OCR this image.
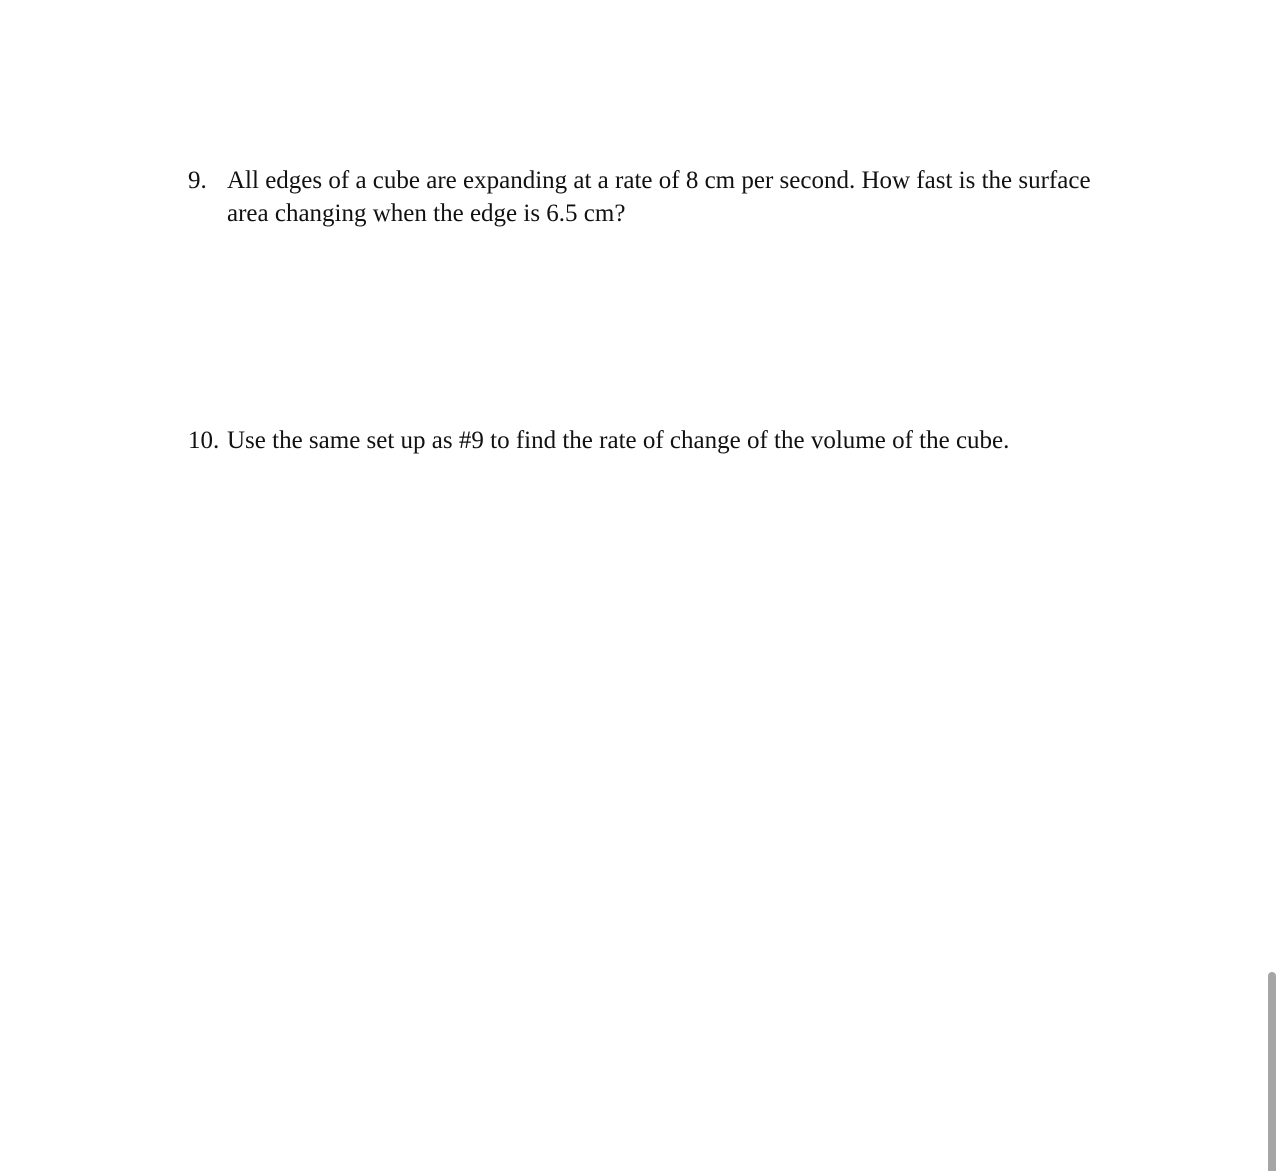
9. All edges of a cube are expanding at a rate of 8 cm per second. How fast is the surface area changing when the edge is 6.5 cm?
10. Use the same set up as #9 to find the rate of change of the volume of the cube.
